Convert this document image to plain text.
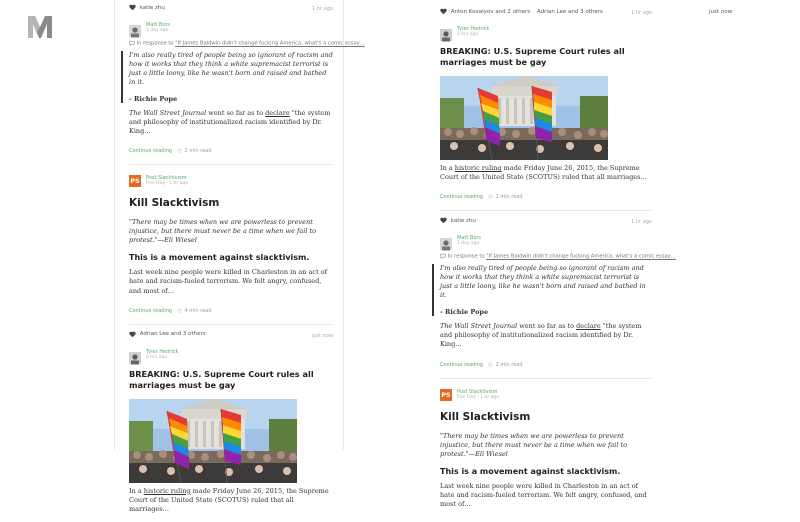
katie zhu	1 hr ago
Matt Bors
1 day ago
In response to "If James Baldwin didn't change fucking America, what's a comic essay…

I'm also really tired of people being so ignorant of racism and how it works that they think a white supremacist terrorist is just a little loony, like he wasn't born and raised and bathed in it.

- Richie Pope

The Wall Street Journal went so far as to declare "the system and philosophy of institutionalized racism identified by Dr. King…

Continue reading ◷ 2 min read
PS Post Slacktivism
Fire Frey · 1 hr ago
Kill Slacktivism

"There may be times when we are powerless to prevent injustice, but there must never be a time when we fail to protest."—Eli Wiesel

This is a movement against slacktivism.

Last week nine people were killed in Charleston in an act of hate and racism-fueled terrorism. We felt angry, confused, and most of…

Continue reading ◷ 4 min read
Adrian Lee and 3 others	just now
Tyler Hedrick
2 hrs ago
BREAKING: U.S. Supreme Court rules all marriages must be gay

In a historic ruling made Friday June 26, 2015, the Supreme Court of the United State (SCOTUS) ruled that all marriages…

Adrian Lee and 3 others	just now
Anton Kovalyov and 2 others	1 hr ago
Tyler Hedrick
2 hrs ago
BREAKING: U.S. Supreme Court rules all marriages must be gay

In a historic ruling made Friday June 26, 2015, the Supreme Court of the United State (SCOTUS) ruled that all marriages…

Continue reading ◷ 1 min read
katie zhu	1 hr ago
Matt Bors
1 day ago
In response to "If James Baldwin didn't change fucking America, what's a comic essay…

I'm also really tired of people being so ignorant of racism and how it works that they think a white supremacist terrorist is just a little loony, like he wasn't born and raised and bathed in it.

- Richie Pope

The Wall Street Journal went so far as to declare "the system and philosophy of institutionalized racism identified by Dr. King…

Continue reading ◷ 2 min read
PS Post Slacktivism
Fire Frey · 1 hr ago
Kill Slacktivism

"There may be times when we are powerless to prevent injustice, but there must never be a time when we fail to protest."—Eli Wiesel

This is a movement against slacktivism.

Last week nine people were killed in Charleston in an act of hate and racism-fueled terrorism. We felt angry, confused, and most of…
